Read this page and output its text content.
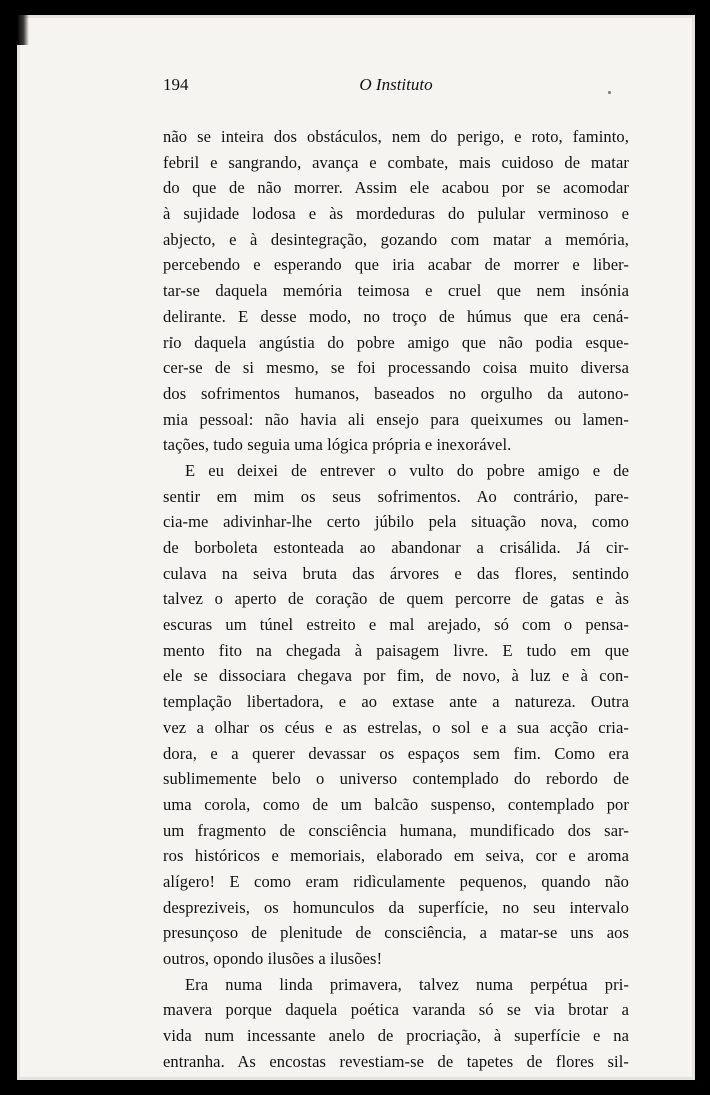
194	O Instituto
não se inteira dos obstáculos, nem do perigo, e roto, faminto,
febril e sangrando, avança e combate, mais cuidoso de matar
do que de não morrer. Assim ele acabou por se acomodar
à sujidade lodosa e às mordeduras do pulular verminoso e
abjecto, e à desintegração, gozando com matar a memória,
percebendo e esperando que iria acabar de morrer e liber-
tar-se daquela memória teimosa e cruel que nem insónia
delirante. E desse modo, no troço de húmus que era cená-
rio daquela angústia do pobre amigo que não podia esque-
cer-se de si mesmo, se foi processando coisa muito diversa
dos sofrimentos humanos, baseados no orgulho da autono-
mia pessoal: não havia ali ensejo para queixumes ou lamen-
tações, tudo seguia uma lógica própria e inexorável.
E eu deixei de entrever o vulto do pobre amigo e de
sentir em mim os seus sofrimentos. Ao contrário, pare-
cia-me adivinhar-lhe certo júbilo pela situação nova, como
de borboleta estonteada ao abandonar a crisálida. Já cir-
culava na seiva bruta das árvores e das flores, sentindo
talvez o aperto de coração de quem percorre de gatas e às
escuras um túnel estreito e mal arejado, só com o pensa-
mento fito na chegada à paisagem livre. E tudo em que
ele se dissociara chegava por fim, de novo, à luz e à con-
templação libertadora, e ao extase ante a natureza. Outra
vez a olhar os céus e as estrelas, o sol e a sua acção cria-
dora, e a querer devassar os espaços sem fim. Como era
sublimemente belo o universo contemplado do rebordo de
uma corola, como de um balcão suspenso, contemplado por
um fragmento de consciência humana, mundificado dos sar-
ros históricos e memoriais, elaborado em seiva, cor e aroma
alígero! E como eram ridìculamente pequenos, quando não
despreziveis, os homunculos da superfície, no seu intervalo
presunçoso de plenitude de consciência, a matar-se uns aos
outros, opondo ilusões a ilusões!
Era numa linda primavera, talvez numa perpétua pri-
mavera porque daquela poética varanda só se via brotar a
vida num incessante anelo de procriação, à superfície e na
entranha. As encostas revestiam-se de tapetes de flores sil-
